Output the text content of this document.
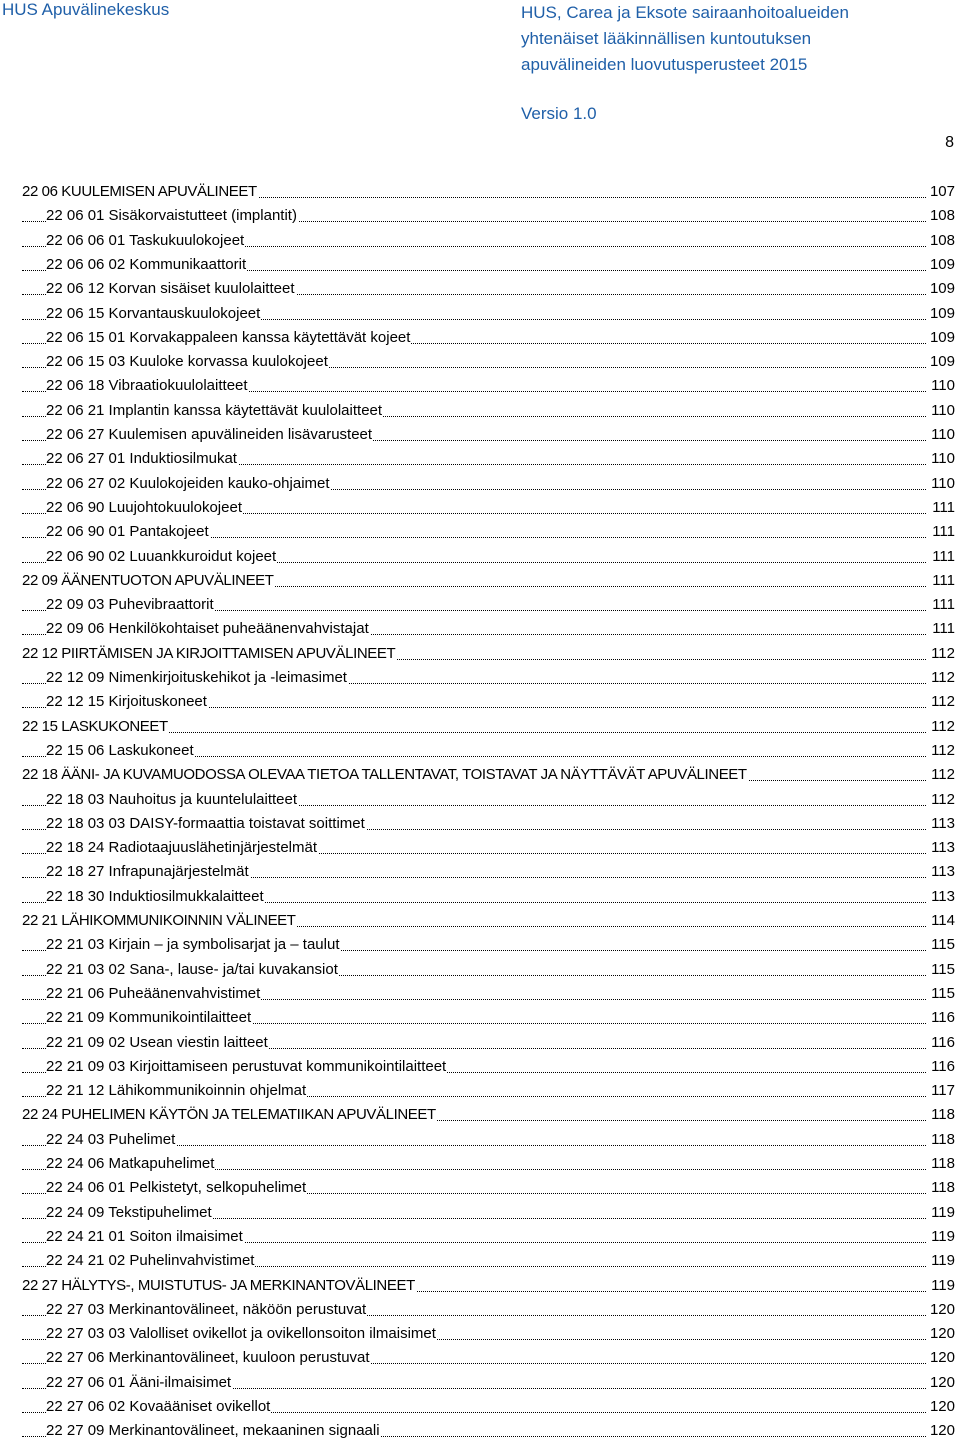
HUS Apuvälinekeskus	HUS, Carea ja Eksote sairaanhoitoalueiden
yhtenäiset lääkinnällisen kuntoutuksen
apuvälineiden luovutusperusteet 2015
Versio 1.0
8
22 06 KUULEMISEN APUVÄLINEET	107
22 06 01 Sisäkorvaistutteet (implantit)	108
22 06 06 01 Taskukuulokojeet	108
22 06 06 02 Kommunikaattorit	109
22 06 12 Korvan sisäiset kuulolaitteet	109
22 06 15 Korvantauskuulokojeet	109
22 06 15 01 Korvakappaleen kanssa käytettävät kojeet	109
22 06 15 03 Kuuloke korvassa kuulokojeet	109
22 06 18 Vibraatiokuulolaitteet	110
22 06 21 Implantin kanssa käytettävät kuulolaitteet	110
22 06 27 Kuulemisen apuvälineiden lisävarusteet	110
22 06 27 01 Induktiosilmukat	110
22 06 27 02 Kuulokojeiden kauko-ohjaimet	110
22 06 90 Luujohtokuulokojeet	111
22 06 90 01 Pantakojeet	111
22 06 90 02 Luuankkuroidut kojeet	111
22 09 ÄÄNENTUOTON APUVÄLINEET	111
22 09 03 Puhevibraattorit	111
22 09 06 Henkilökohtaiset puheäänenvahvistajat	111
22 12 PIIRTÄMISEN JA KIRJOITTAMISEN APUVÄLINEET	112
22 12 09 Nimenkirjoituskehikot ja -leimasimet	112
22 12 15 Kirjoituskoneet	112
22 15 LASKUKONEET	112
22 15 06 Laskukoneet	112
22 18 ÄÄNI- JA KUVAMUODOSSA OLEVAA TIETOA TALLENTAVAT, TOISTAVAT JA NÄYTTÄVÄT APUVÄLINEET	112
22 18 03 Nauhoitus ja kuuntelulaitteet	112
22 18 03 03 DAISY-formaattia toistavat soittimet	113
22 18 24 Radiotaajuuslähetinjärjestelmät	113
22 18 27 Infrapunajärjestelmät	113
22 18 30 Induktiosilmukkalaitteet	113
22 21 LÄHIKOMMUNIKOINNIN VÄLINEET	114
22 21 03 Kirjain – ja symbolisarjat ja – taulut	115
22 21 03 02 Sana-, lause- ja/tai kuvakansiot	115
22 21 06 Puheäänenvahvistimet	115
22 21 09 Kommunikointilaitteet	116
22 21 09 02 Usean viestin laitteet	116
22 21 09 03 Kirjoittamiseen perustuvat kommunikointilaitteet	116
22 21 12 Lähikommunikoinnin ohjelmat	117
22 24 PUHELIMEN KÄYTÖN JA TELEMATIIKAN APUVÄLINEET	118
22 24 03 Puhelimet	118
22 24 06 Matkapuhelimet	118
22 24 06 01 Pelkistetyt, selkopuhelimet	118
22 24 09 Tekstipuhelimet	119
22 24 21 01 Soiton ilmaisimet	119
22 24 21 02 Puhelinvahvistimet	119
22 27 HÄLYTYS-, MUISTUTUS- JA MERKINANTOVÄLINEET	119
22 27 03 Merkinantovälineet, näköön perustuvat	120
22 27 03 03 Valolliset ovikellot ja ovikellonsoiton ilmaisimet	120
22 27 06 Merkinantovälineet, kuuloon perustuvat	120
22 27 06 01 Ääni-ilmaisimet	120
22 27 06 02 Kovaääniset ovikellot	120
22 27 09 Merkinantovälineet, mekaaninen signaali	120
